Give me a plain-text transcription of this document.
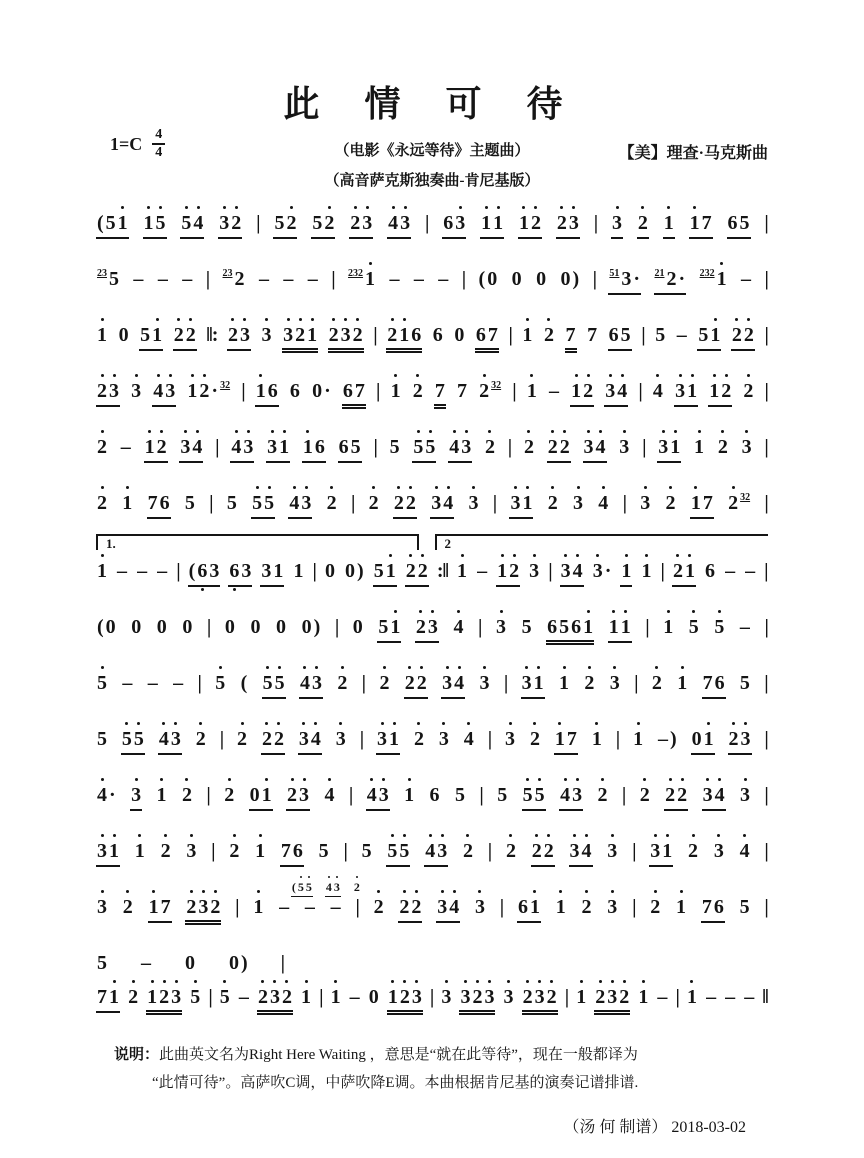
$1=C \frac{4}{4}$
此 情 可 待
（电影《永远等待》主题曲）
（高音萨克斯独奏曲-肯尼基版）
【美】理查·马克斯曲
( 5 1 1 5 5 4 3 2 | 5 2 5 2 2 3 4 3 | 6 3 1 1 1 2 2 3 | 3 2 1 1 7 6 5 |
23 5 – – – | 23 2 – – – | 232 1 – – – | ( 0 0 0 0 ) | 51 3 · 21 2 · 232 1 – |
1 0 5 1 2 2 ‖: 2 3 3 3 2 1 2 3 2 | 2 1 6 6 0 6 7 | 1 2 7 7 6 5 | 5 – 5 1 2 2 |
2 3 3 4 3 1 2 · 32 | 1 6 6 0 · 6 7 | 1 2 7 7 2 32 | 1 – 1 2 3 4 | 4 3 1 1 2 2 |
2 – 1 2 3 4 | 4 3 3 1 1 6 6 5 | 5 5 5 4 3 2 | 2 2 2 3 4 3 | 3 1 1 2 3 |
2 1 7 6 5 | 5 5 5 4 3 2 | 2 2 2 3 4 3 | 3 1 2 3 4 | 3 2 1 7 2 32 |
1.	2
1 – – – | ( 6 3 6 3 3 1 1 | 0 0 ) 5 1 2 2 :‖ 1 – 1 2 3 | 3 4 3 · 1 1 | 2 1 6 – – |
( 0 0 0 0 | 0 0 0 0 ) | 0 5 1 2 3 4 | 3 5 6 5 6 1 1 1 | 1 5 5 – |
5 – – – | 5 ( 5 5 4 3 2 | 2 2 2 3 4 3 | 3 1 1 2 3 | 2 1 7 6 5 |
5 5 5 4 3 2 | 2 2 2 3 4 3 | 3 1 2 3 4 | 3 2 1 7 1 | 1 – ) 0 1 2 3 |
4 · 3 1 2 | 2 0 1 2 3 4 | 4 3 1 6 5 | 5 5 5 4 3 2 | 2 2 2 3 4 3 |
3 1 1 2 3 | 2 1 7 6 5 | 5 5 5 4 3 2 | 2 2 2 3 4 3 | 3 1 2 3 4 |
( 5 5 4 3 2
3 2 1 7 2 3 2 | 1 – – – | 2 2 2 3 4 3 | 6 1 1 2 3 | 2 1 7 6 5 |
5 – 0 0 ) |
7 1 2 1 2 3 5 | 5 – 2 3 2 1 | 1 – 0 1 2 3 | 3 3 2 3 3 2 3 2 | 1 2 3 2 1 – | 1 – – – ‖
说明：此曲英文名为Right Here Waiting ，意思是“就在此等待”，现在一般都译为
“此情可待”。高萨吹C调，中萨吹降E调。本曲根据肯尼基的演奏记谱排谱.
（汤 何 制谱） 2018-03-02
